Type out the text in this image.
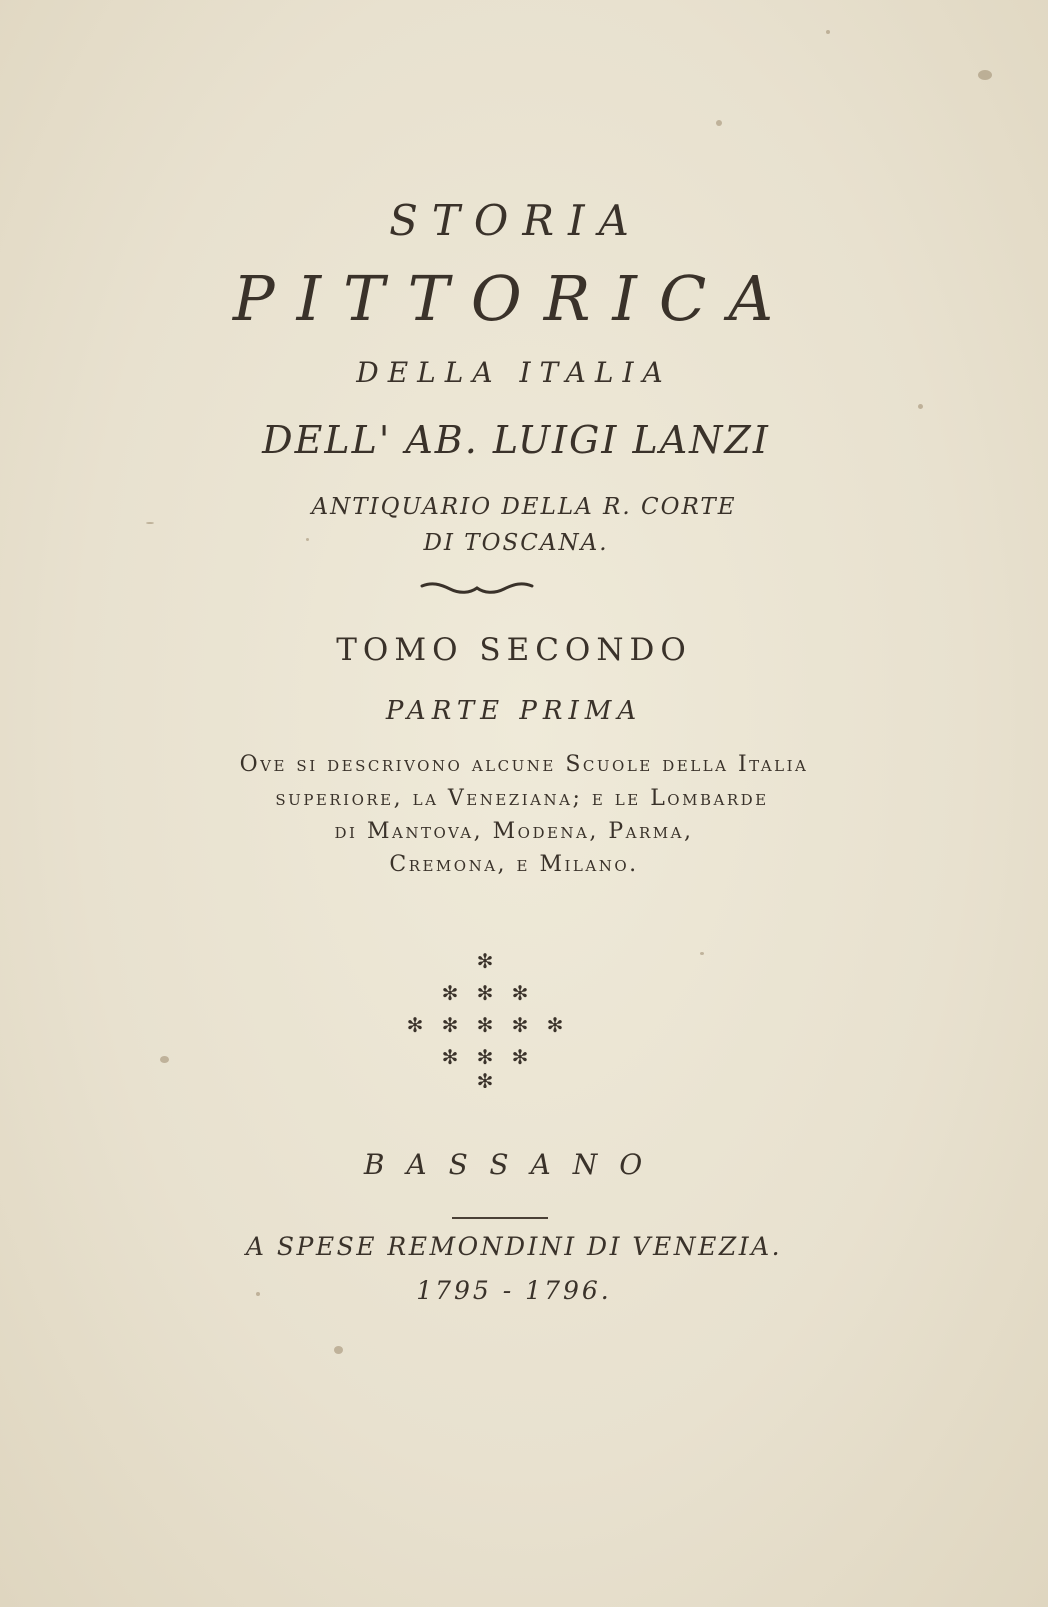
STORIA

PITTORICA

DELLA ITALIA

DELL' AB. LUIGI LANZI

ANTIQUARIO DELLA R. CORTE

DI TOSCANA.

TOMO SECONDO

PARTE PRIMA

Ove si descrivono alcune Scuole della Italia

superiore, la Veneziana; e le Lombarde

di Mantova, Modena, Parma,

Cremona, e Milano.

✻
✻ ✻ ✻
✻ ✻ ✻ ✻ ✻
✻ ✻ ✻
✻

BASSANO

A SPESE REMONDINI DI VENEZIA.

1795 - 1796.
